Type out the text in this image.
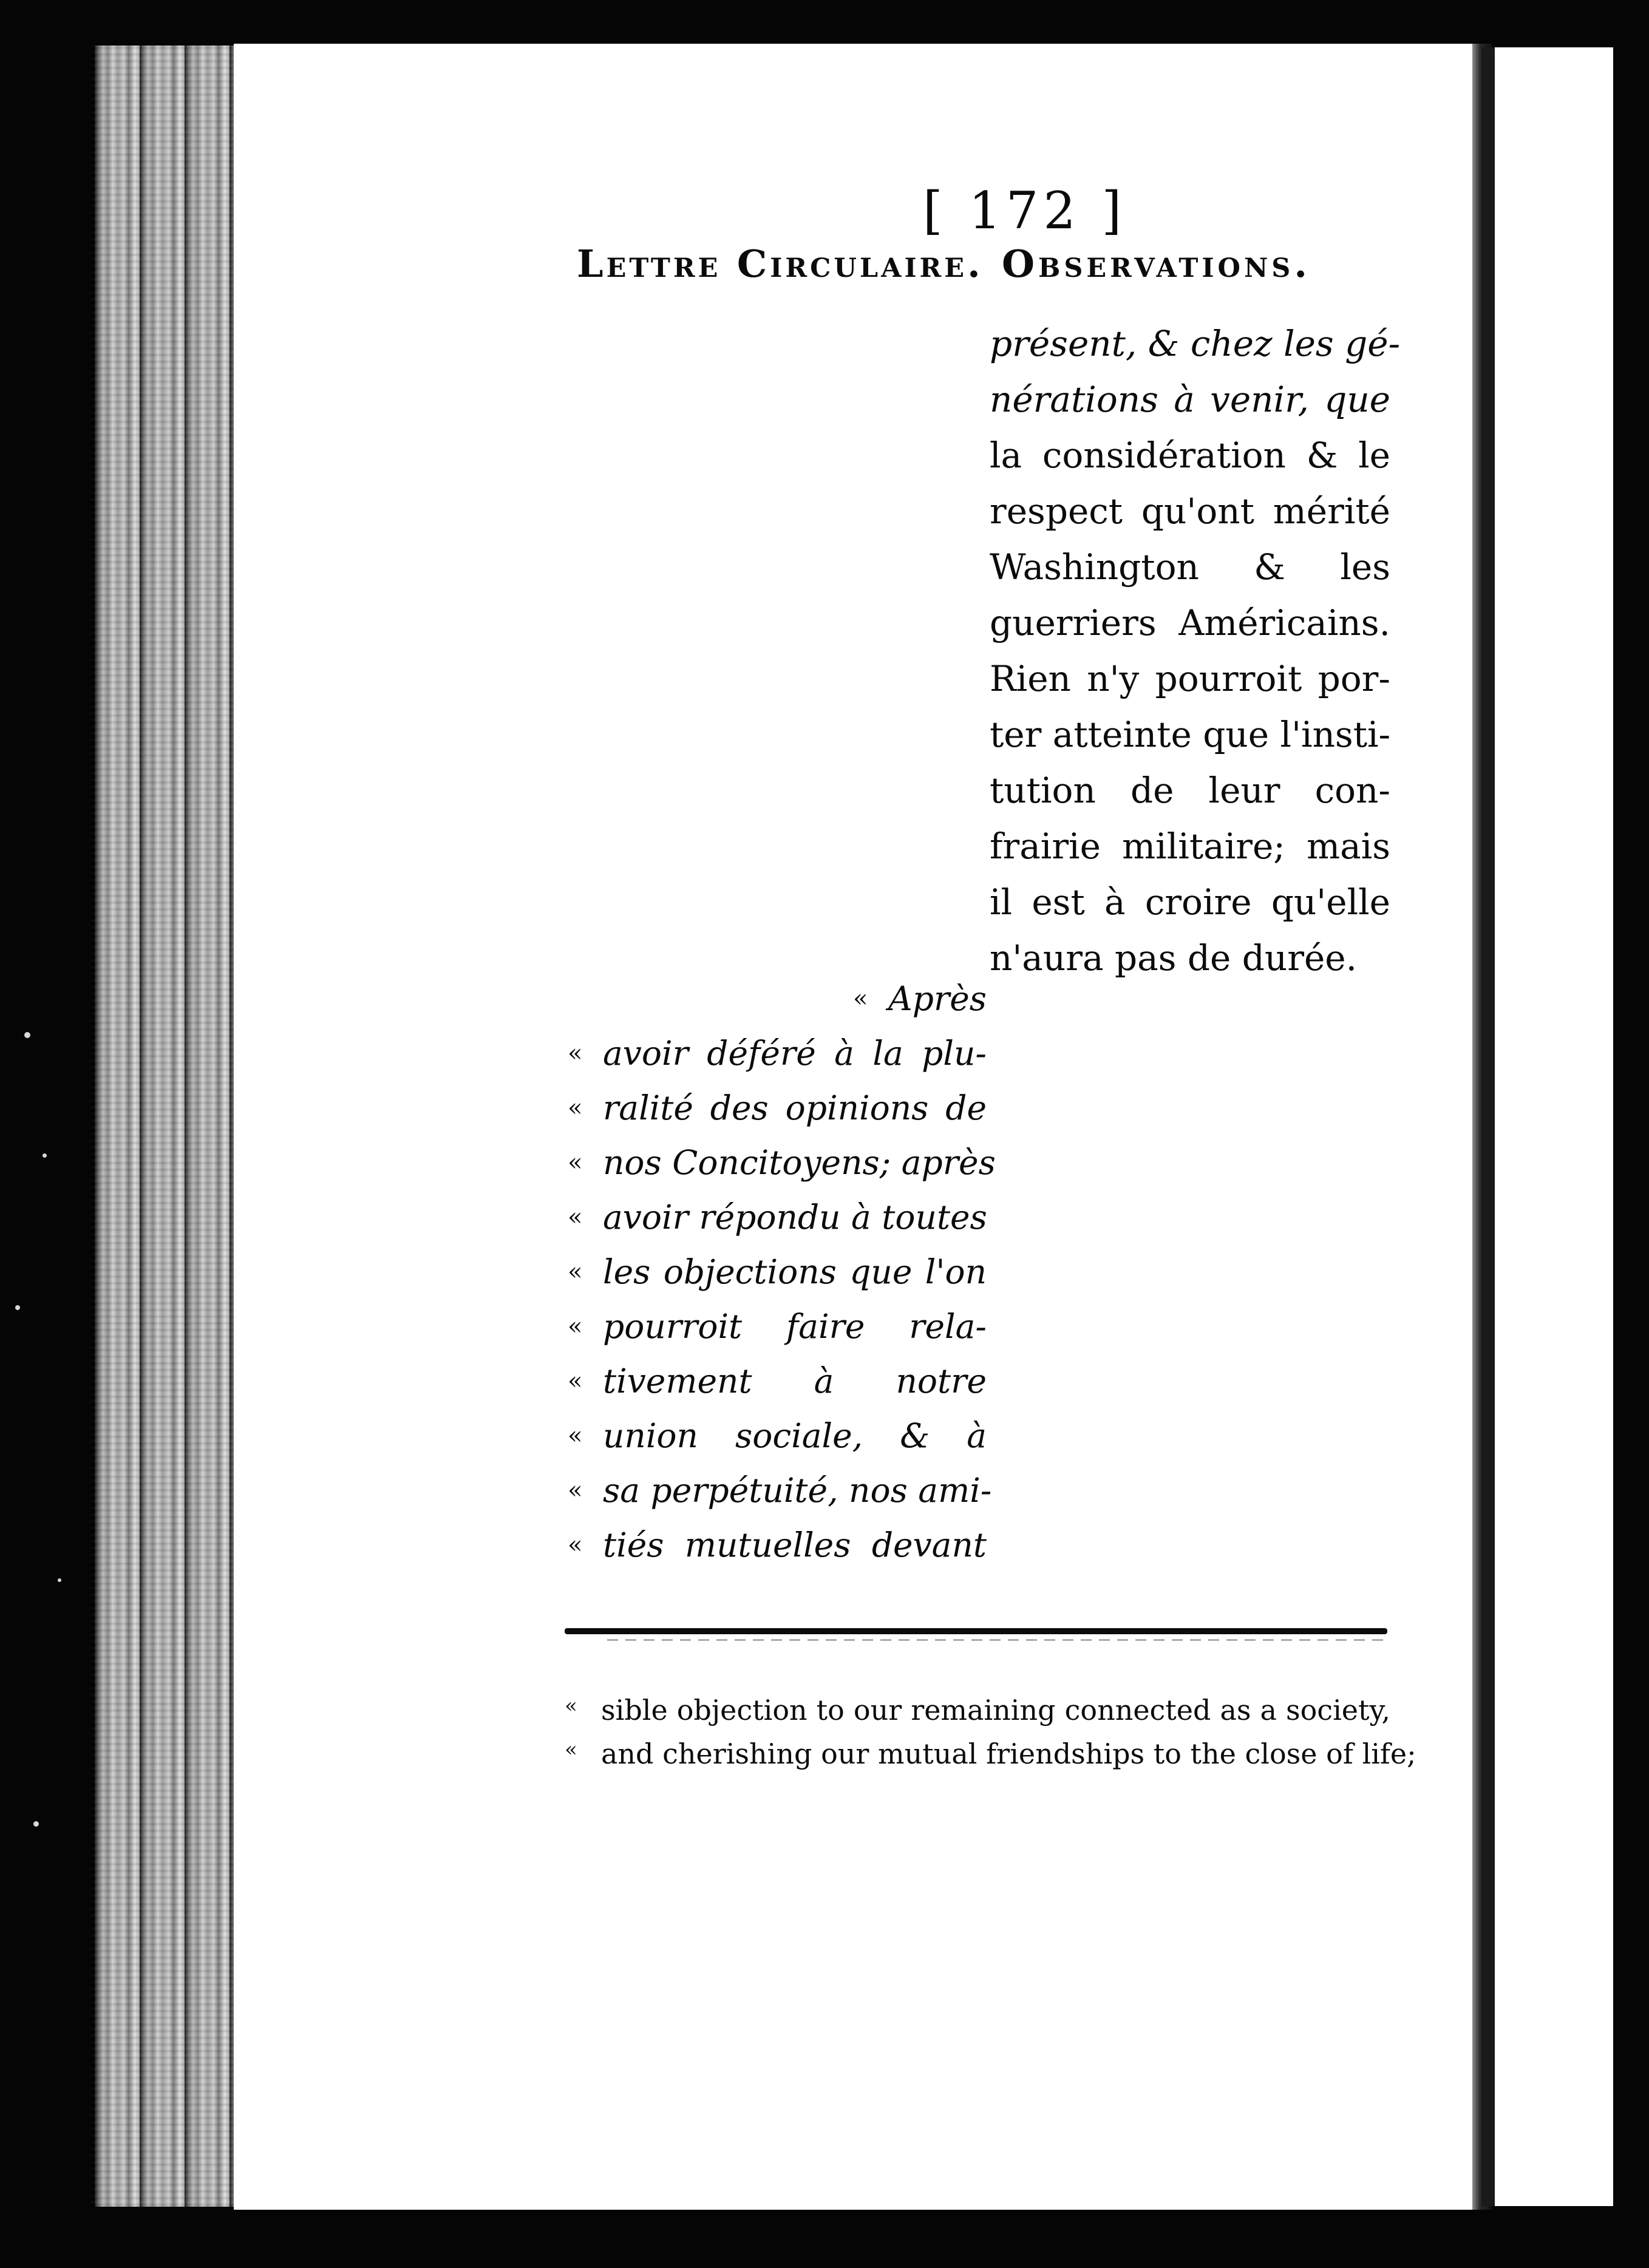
[ 172 ]
Lettre Circulaire. Observations.
présent, & chez les gé-
nérations à venir, que
la considération & le
respect qu'ont mérité
Washington & les
guerriers Américains.
Rien n'y pourroit por-
ter atteinte que l'insti-
tution de leur con-
frairie militaire; mais
il est à croire qu'elle
n'aura pas de durée.
« Après
« avoir déféré à la plu-
« ralité des opinions de
« nos Concitoyens; après
« avoir répondu à toutes
« les objections que l'on
« pourroit faire rela-
« tivement à notre
« union sociale, & à
« sa perpétuité, nos ami-
« tiés mutuelles devant
« sible objection to our remaining connected as a society,
« and cherishing our mutual friendships to the close of life;
